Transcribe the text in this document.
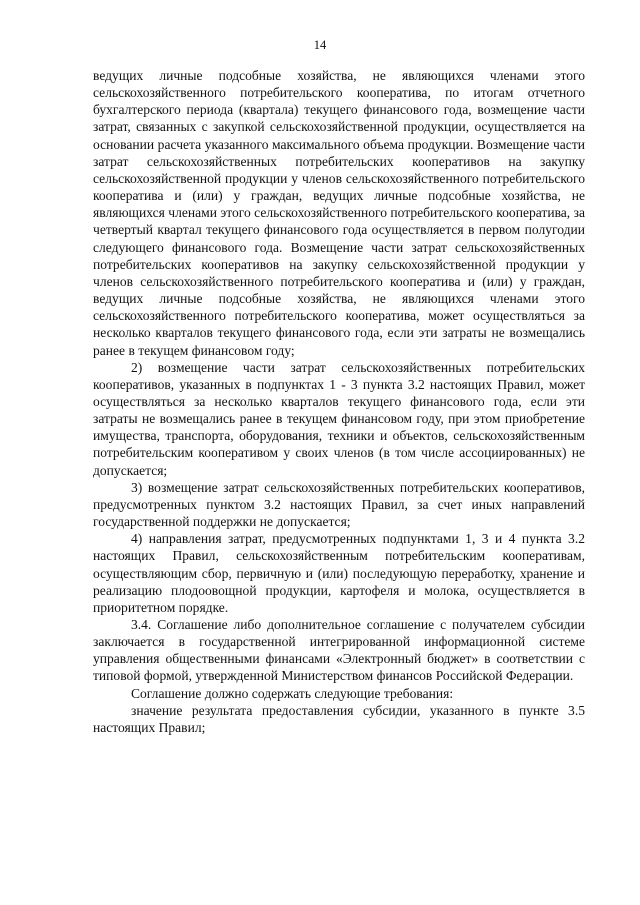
14

ведущих личные подсобные хозяйства, не являющихся членами этого сельскохозяйственного потребительского кооператива, по итогам отчетного бухгалтерского периода (квартала) текущего финансового года, возмещение части затрат, связанных с закупкой сельскохозяйственной продукции, осуществляется на основании расчета указанного максимального объема продукции. Возмещение части затрат сельскохозяйственных потребительских кооперативов на закупку сельскохозяйственной продукции у членов сельскохозяйственного потребительского кооператива и (или) у граждан, ведущих личные подсобные хозяйства, не являющихся членами этого сельскохозяйственного потребительского кооператива, за четвертый квартал текущего финансового года осуществляется в первом полугодии следующего финансового года. Возмещение части затрат сельскохозяйственных потребительских кооперативов на закупку сельскохозяйственной продукции у членов сельскохозяйственного потребительского кооператива и (или) у граждан, ведущих личные подсобные хозяйства, не являющихся членами этого сельскохозяйственного потребительского кооператива, может осуществляться за несколько кварталов текущего финансового года, если эти затраты не возмещались ранее в текущем финансовом году;

2) возмещение части затрат сельскохозяйственных потребительских кооперативов, указанных в подпунктах 1 - 3 пункта 3.2 настоящих Правил, может осуществляться за несколько кварталов текущего финансового года, если эти затраты не возмещались ранее в текущем финансовом году, при этом приобретение имущества, транспорта, оборудования, техники и объектов, сельскохозяйственным потребительским кооперативом у своих членов (в том числе ассоциированных) не допускается;

3) возмещение затрат сельскохозяйственных потребительских кооперативов, предусмотренных пунктом 3.2 настоящих Правил, за счет иных направлений государственной поддержки не допускается;

4) направления затрат, предусмотренных подпунктами 1, 3 и 4 пункта 3.2 настоящих Правил, сельскохозяйственным потребительским кооперативам, осуществляющим сбор, первичную и (или) последующую переработку, хранение и реализацию плодоовощной продукции, картофеля и молока, осуществляется в приоритетном порядке.

3.4. Соглашение либо дополнительное соглашение с получателем субсидии заключается в государственной интегрированной информационной системе управления общественными финансами «Электронный бюджет» в соответствии с типовой формой, утвержденной Министерством финансов Российской Федерации.

Соглашение должно содержать следующие требования:

значение результата предоставления субсидии, указанного в пункте 3.5 настоящих Правил;
